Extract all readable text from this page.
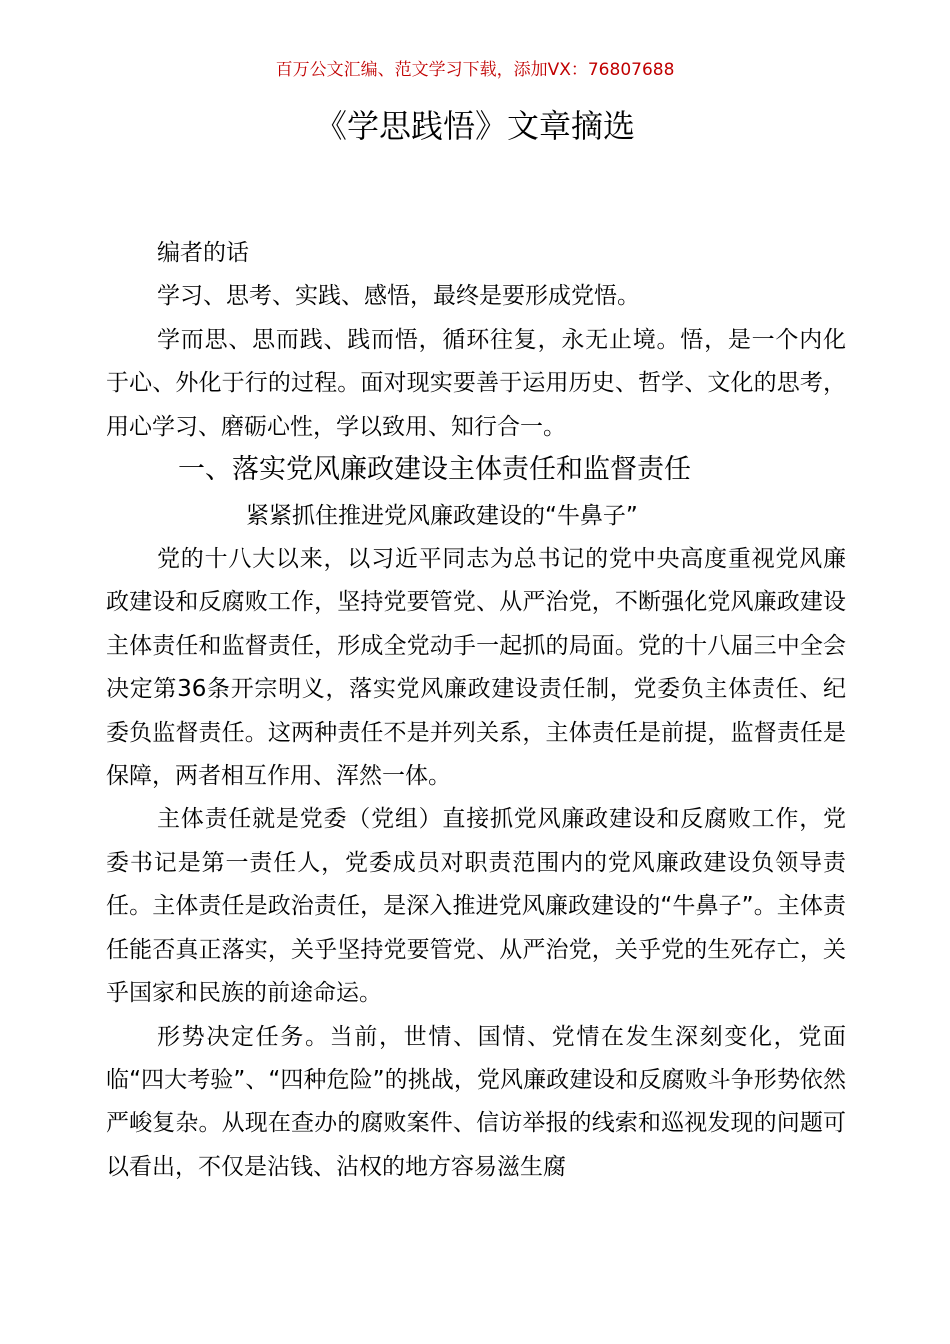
百万公文汇编、范文学习下载，添加VX：76807688
《学思践悟》文章摘选

编者的话

学习、思考、实践、感悟，最终是要形成党悟。

学而思、思而践、践而悟，循环往复，永无止境。悟，是一个内化于心、外化于行的过程。面对现实要善于运用历史、哲学、文化的思考，用心学习、磨砺心性，学以致用、知行合一。

一、落实党风廉政建设主体责任和监督责任

紧紧抓住推进党风廉政建设的“牛鼻子”

党的十八大以来，以习近平同志为总书记的党中央高度重视党风廉政建设和反腐败工作，坚持党要管党、从严治党，不断强化党风廉政建设主体责任和监督责任，形成全党动手一起抓的局面。党的十八届三中全会决定第36条开宗明义，落实党风廉政建设责任制，党委负主体责任、纪委负监督责任。这两种责任不是并列关系，主体责任是前提，监督责任是保障，两者相互作用、浑然一体。

主体责任就是党委（党组）直接抓党风廉政建设和反腐败工作，党委书记是第一责任人，党委成员对职责范围内的党风廉政建设负领导责任。主体责任是政治责任，是深入推进党风廉政建设的“牛鼻子”。主体责任能否真正落实，关乎坚持党要管党、从严治党，关乎党的生死存亡，关乎国家和民族的前途命运。

形势决定任务。当前，世情、国情、党情在发生深刻变化，党面临“四大考验”、“四种危险”的挑战，党风廉政建设和反腐败斗争形势依然严峻复杂。从现在查办的腐败案件、信访举报的线索和巡视发现的问题可以看出，不仅是沾钱、沾权的地方容易滋生腐
